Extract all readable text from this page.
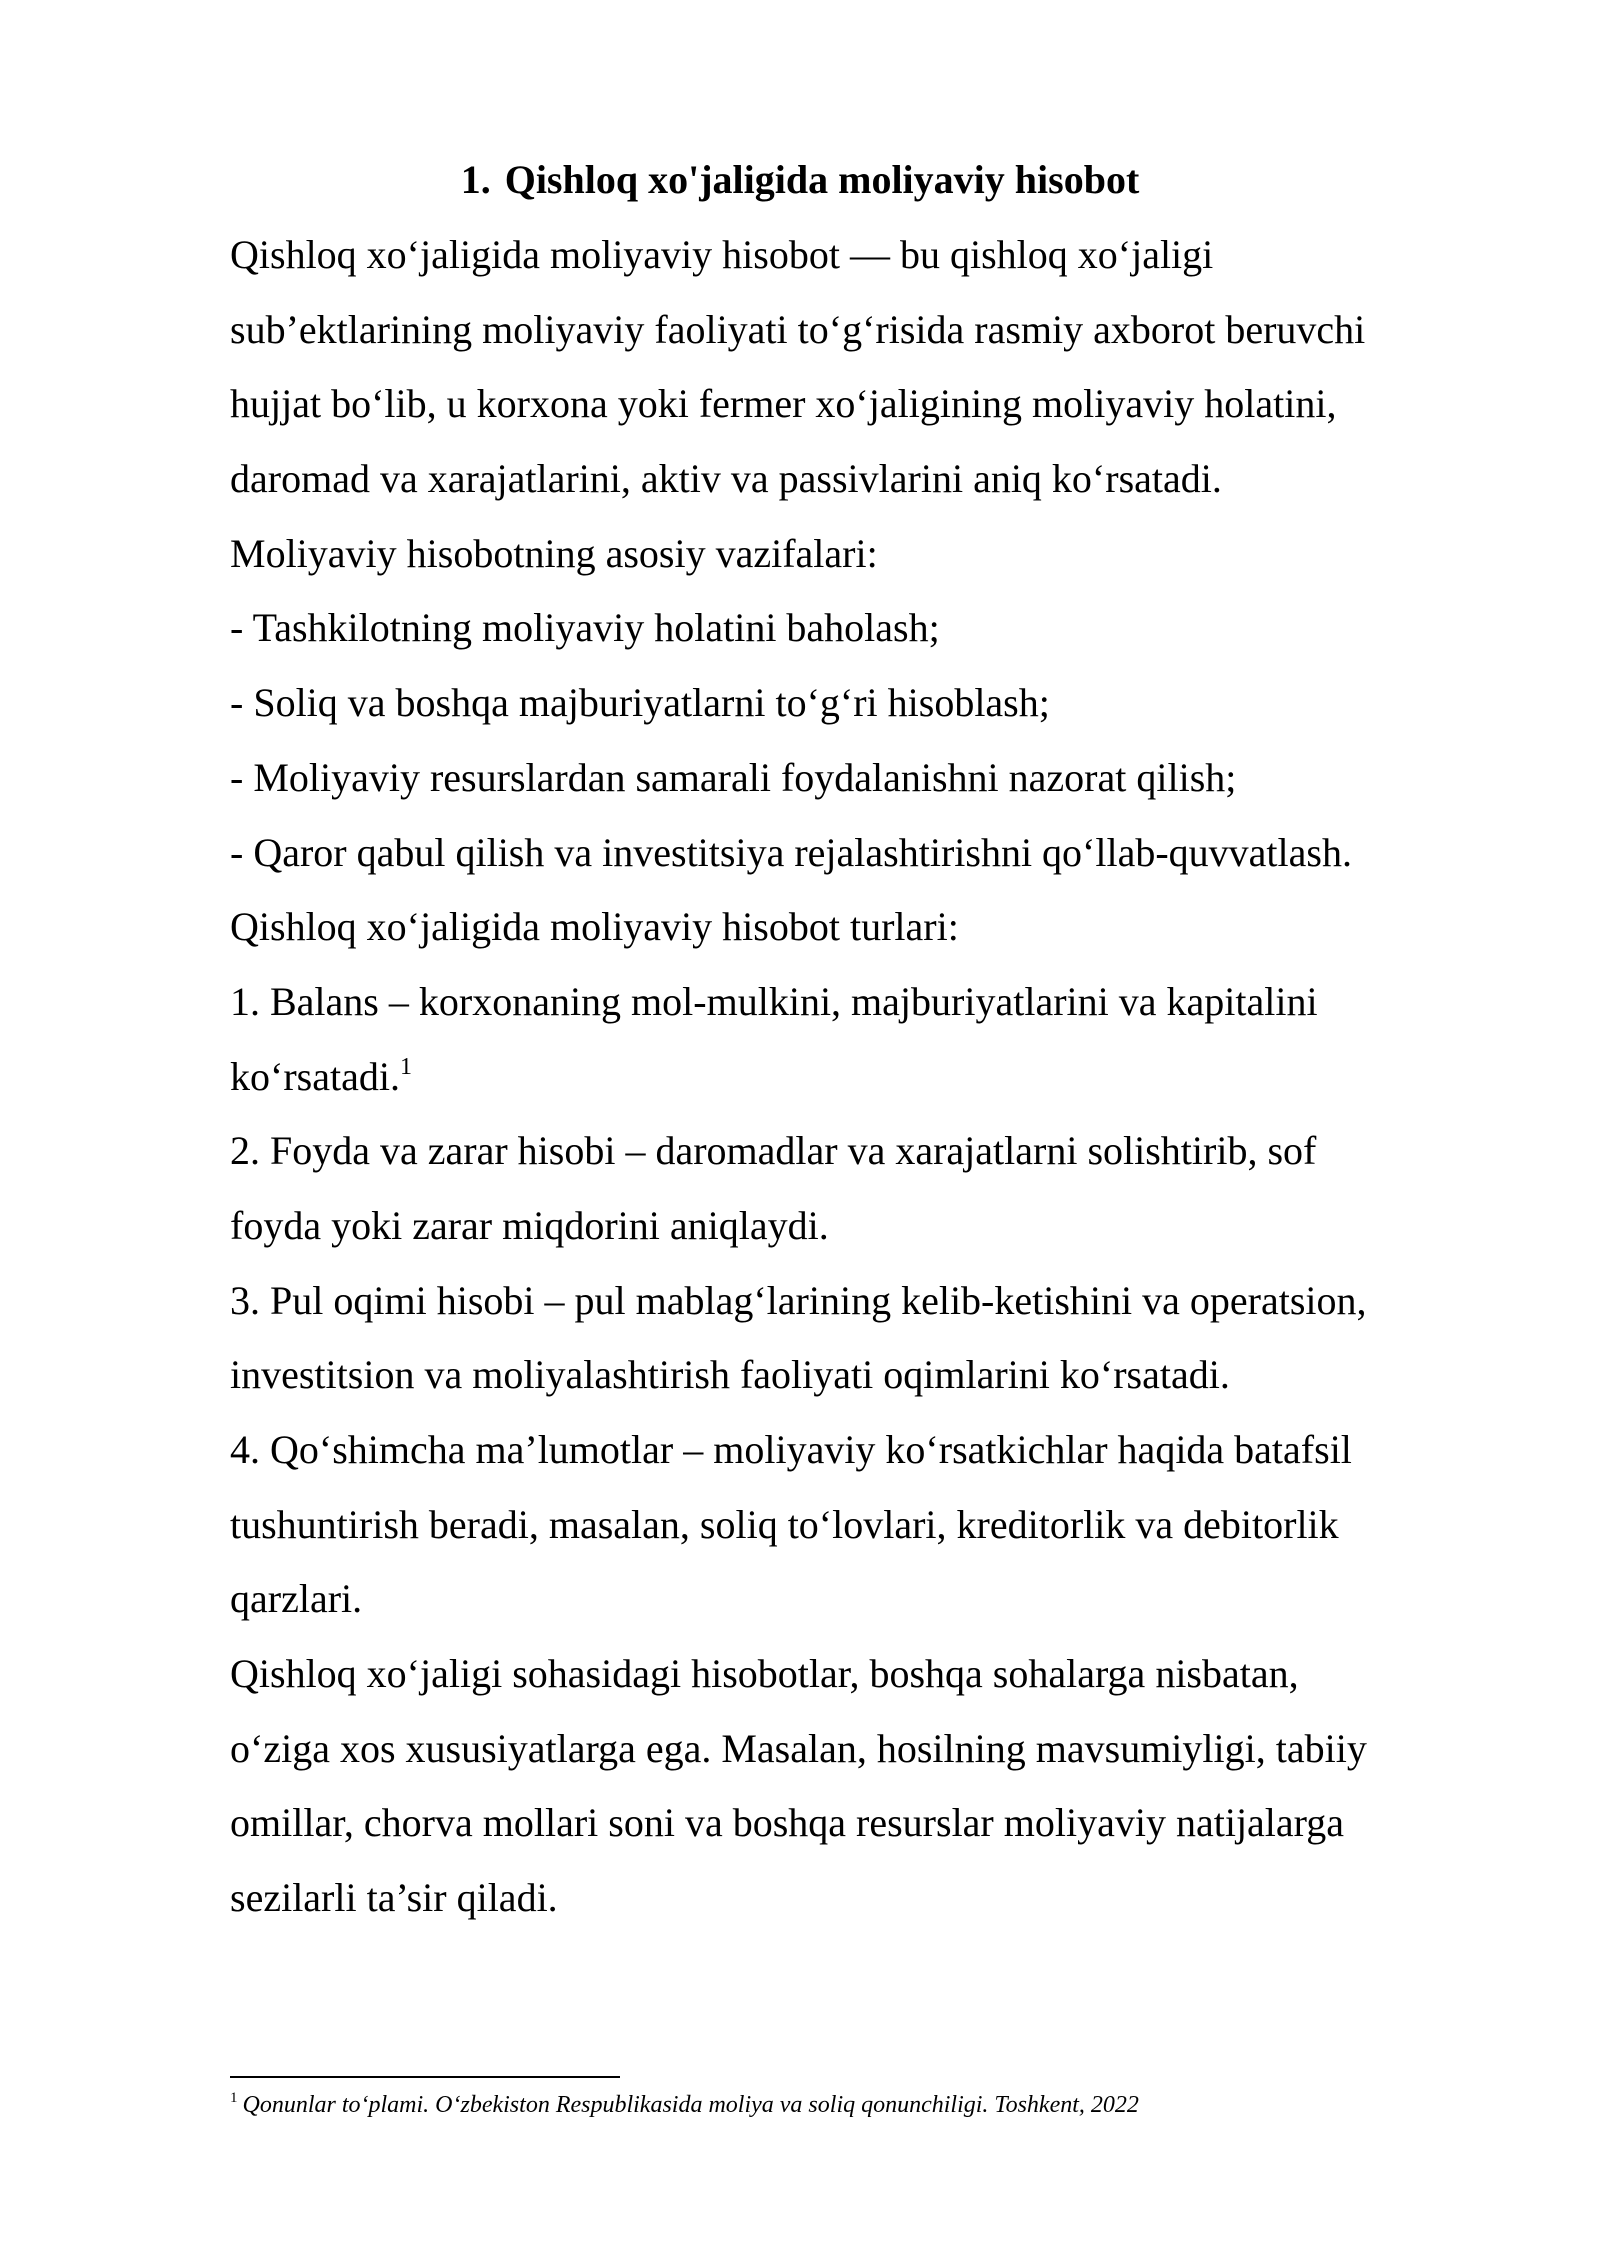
1. Qishloq xo'jaligida moliyaviy hisobot
Qishloq xo‘jaligida moliyaviy hisobot — bu qishloq xo‘jaligi
sub’ektlarining moliyaviy faoliyati to‘g‘risida rasmiy axborot beruvchi
hujjat bo‘lib, u korxona yoki fermer xo‘jaligining moliyaviy holatini,
daromad va xarajatlarini, aktiv va passivlarini aniq ko‘rsatadi.
Moliyaviy hisobotning asosiy vazifalari:
- Tashkilotning moliyaviy holatini baholash;
- Soliq va boshqa majburiyatlarni to‘g‘ri hisoblash;
- Moliyaviy resurslardan samarali foydalanishni nazorat qilish;
- Qaror qabul qilish va investitsiya rejalashtirishni qo‘llab-quvvatlash.
Qishloq xo‘jaligida moliyaviy hisobot turlari:
1. Balans – korxonaning mol-mulkini, majburiyatlarini va kapitalini
ko‘rsatadi.$^1$
2. Foyda va zarar hisobi – daromadlar va xarajatlarni solishtirib, sof
foyda yoki zarar miqdorini aniqlaydi.
3. Pul oqimi hisobi – pul mablag‘larining kelib-ketishini va operatsion,
investitsion va moliyalashtirish faoliyati oqimlarini ko‘rsatadi.
4. Qo‘shimcha ma’lumotlar – moliyaviy ko‘rsatkichlar haqida batafsil
tushuntirish beradi, masalan, soliq to‘lovlari, kreditorlik va debitorlik
qarzlari.
Qishloq xo‘jaligi sohasidagi hisobotlar, boshqa sohalarga nisbatan,
o‘ziga xos xususiyatlarga ega. Masalan, hosilning mavsumiyligi, tabiiy
omillar, chorva mollari soni va boshqa resurslar moliyaviy natijalarga
sezilarli ta’sir qiladi.
$^1$ Qonunlar to‘plami. O‘zbekiston Respublikasida moliya va soliq qonunchiligi. Toshkent, 2022
